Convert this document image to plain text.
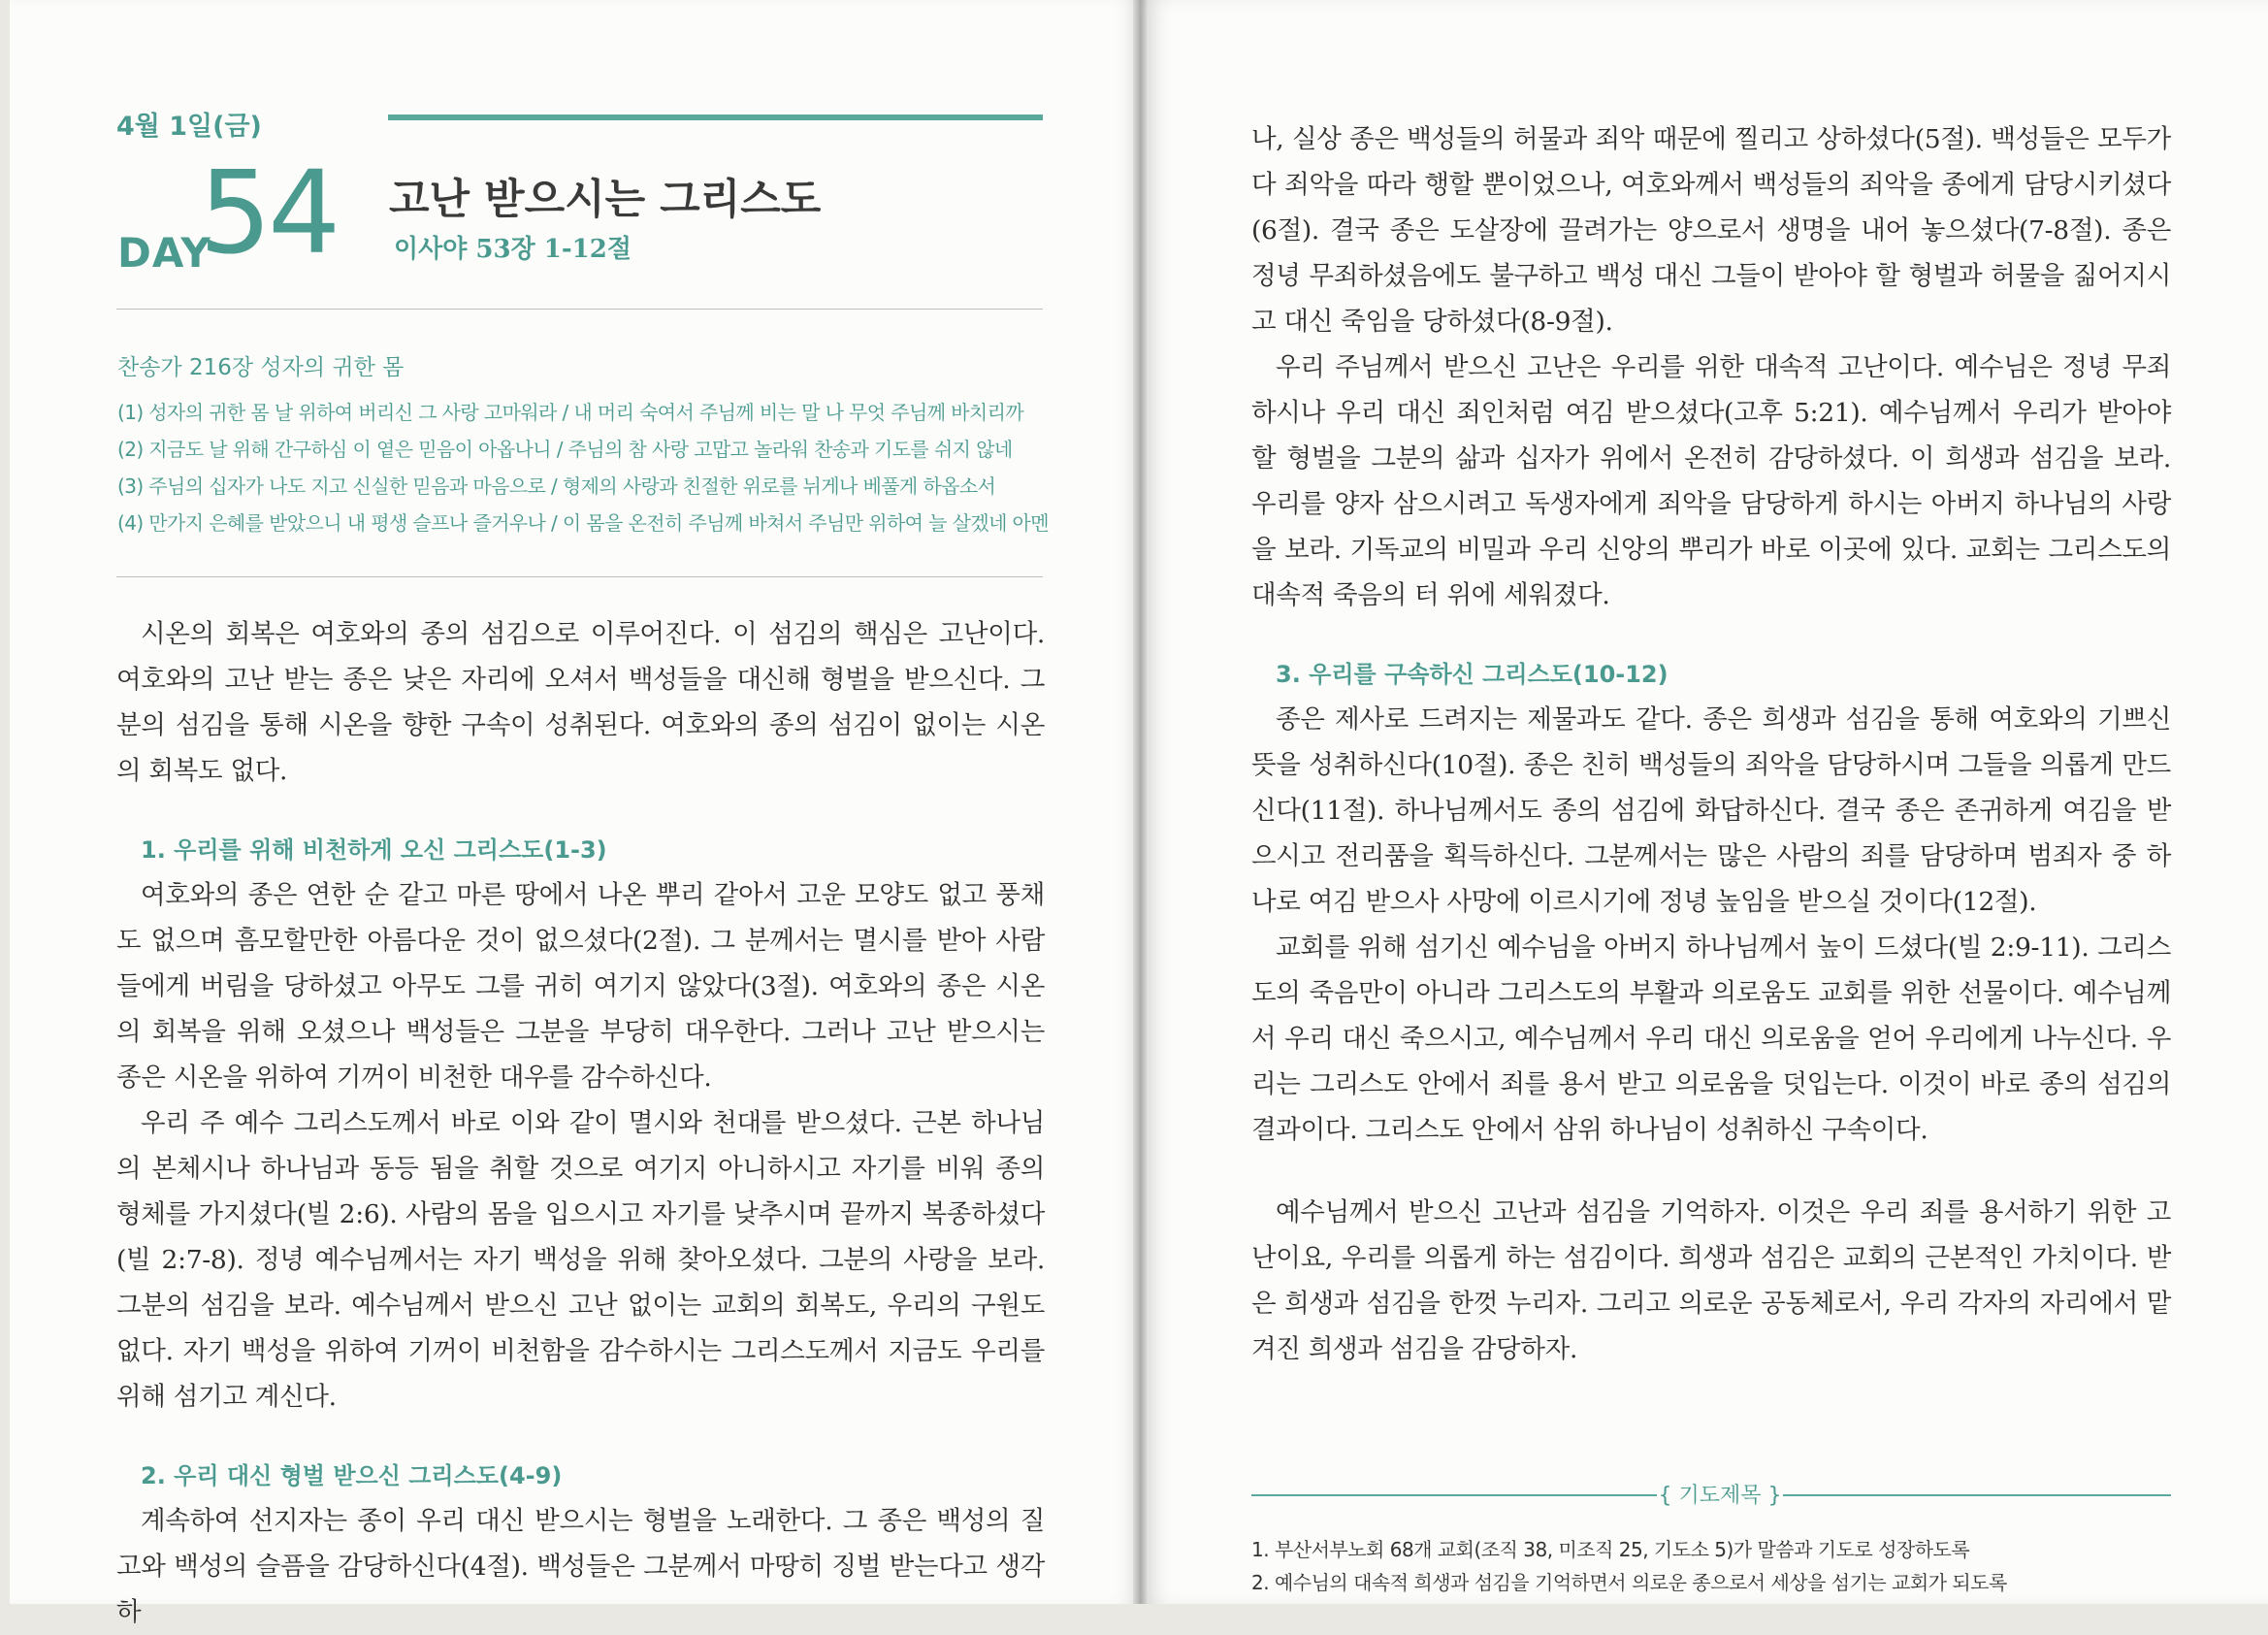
4월 1일(금)
DAY
54 고난 받으시는 그리스도
이사야 53장 1-12절
찬송가 216장 성자의 귀한 몸
(1) 성자의 귀한 몸 날 위하여 버리신 그 사랑 고마워라 / 내 머리 숙여서 주님께 비는 말 나 무엇 주님께 바치리까
(2) 지금도 날 위해 간구하심 이 옅은 믿음이 아옵나니 / 주님의 참 사랑 고맙고 놀라워 찬송과 기도를 쉬지 않네
(3) 주님의 십자가 나도 지고 신실한 믿음과 마음으로 / 형제의 사랑과 친절한 위로를 뉘게나 베풀게 하옵소서
(4) 만가지 은혜를 받았으니 내 평생 슬프나 즐거우나 / 이 몸을 온전히 주님께 바쳐서 주님만 위하여 늘 살겠네 아멘

시온의 회복은 여호와의 종의 섬김으로 이루어진다. 이 섬김의 핵심은 고난이다. 여호와의 고난 받는 종은 낮은 자리에 오셔서 백성들을 대신해 형벌을 받으신다. 그분의 섬김을 통해 시온을 향한 구속이 성취된다. 여호와의 종의 섬김이 없이는 시온의 회복도 없다.

1. 우리를 위해 비천하게 오신 그리스도(1-3)

여호와의 종은 연한 순 같고 마른 땅에서 나온 뿌리 같아서 고운 모양도 없고 풍채도 없으며 흠모할만한 아름다운 것이 없으셨다(2절). 그 분께서는 멸시를 받아 사람들에게 버림을 당하셨고 아무도 그를 귀히 여기지 않았다(3절). 여호와의 종은 시온의 회복을 위해 오셨으나 백성들은 그분을 부당히 대우한다. 그러나 고난 받으시는 종은 시온을 위하여 기꺼이 비천한 대우를 감수하신다.

우리 주 예수 그리스도께서 바로 이와 같이 멸시와 천대를 받으셨다. 근본 하나님의 본체시나 하나님과 동등 됨을 취할 것으로 여기지 아니하시고 자기를 비워 종의 형체를 가지셨다(빌 2:6). 사람의 몸을 입으시고 자기를 낮추시며 끝까지 복종하셨다(빌 2:7-8). 정녕 예수님께서는 자기 백성을 위해 찾아오셨다. 그분의 사랑을 보라. 그분의 섬김을 보라. 예수님께서 받으신 고난 없이는 교회의 회복도, 우리의 구원도 없다. 자기 백성을 위하여 기꺼이 비천함을 감수하시는 그리스도께서 지금도 우리를 위해 섬기고 계신다.

2. 우리 대신 형벌 받으신 그리스도(4-9)

계속하여 선지자는 종이 우리 대신 받으시는 형벌을 노래한다. 그 종은 백성의 질고와 백성의 슬픔을 감당하신다(4절). 백성들은 그분께서 마땅히 징벌 받는다고 생각하

나, 실상 종은 백성들의 허물과 죄악 때문에 찔리고 상하셨다(5절). 백성들은 모두가 다 죄악을 따라 행할 뿐이었으나, 여호와께서 백성들의 죄악을 종에게 담당시키셨다(6절). 결국 종은 도살장에 끌려가는 양으로서 생명을 내어 놓으셨다(7-8절). 종은 정녕 무죄하셨음에도 불구하고 백성 대신 그들이 받아야 할 형벌과 허물을 짊어지시고 대신 죽임을 당하셨다(8-9절).

우리 주님께서 받으신 고난은 우리를 위한 대속적 고난이다. 예수님은 정녕 무죄하시나 우리 대신 죄인처럼 여김 받으셨다(고후 5:21). 예수님께서 우리가 받아야 할 형벌을 그분의 삶과 십자가 위에서 온전히 감당하셨다. 이 희생과 섬김을 보라. 우리를 양자 삼으시려고 독생자에게 죄악을 담당하게 하시는 아버지 하나님의 사랑을 보라. 기독교의 비밀과 우리 신앙의 뿌리가 바로 이곳에 있다. 교회는 그리스도의 대속적 죽음의 터 위에 세워졌다.

3. 우리를 구속하신 그리스도(10-12)

종은 제사로 드려지는 제물과도 같다. 종은 희생과 섬김을 통해 여호와의 기쁘신 뜻을 성취하신다(10절). 종은 친히 백성들의 죄악을 담당하시며 그들을 의롭게 만드신다(11절). 하나님께서도 종의 섬김에 화답하신다. 결국 종은 존귀하게 여김을 받으시고 전리품을 획득하신다. 그분께서는 많은 사람의 죄를 담당하며 범죄자 중 하나로 여김 받으사 사망에 이르시기에 정녕 높임을 받으실 것이다(12절).

교회를 위해 섬기신 예수님을 아버지 하나님께서 높이 드셨다(빌 2:9-11). 그리스도의 죽음만이 아니라 그리스도의 부활과 의로움도 교회를 위한 선물이다. 예수님께서 우리 대신 죽으시고, 예수님께서 우리 대신 의로움을 얻어 우리에게 나누신다. 우리는 그리스도 안에서 죄를 용서 받고 의로움을 덧입는다. 이것이 바로 종의 섬김의 결과이다. 그리스도 안에서 삼위 하나님이 성취하신 구속이다.

예수님께서 받으신 고난과 섬김을 기억하자. 이것은 우리 죄를 용서하기 위한 고난이요, 우리를 의롭게 하는 섬김이다. 희생과 섬김은 교회의 근본적인 가치이다. 받은 희생과 섬김을 한껏 누리자. 그리고 의로운 공동체로서, 우리 각자의 자리에서 맡겨진 희생과 섬김을 감당하자.

{ 기도제목 }
1. 부산서부노회 68개 교회(조직 38, 미조직 25, 기도소 5)가 말씀과 기도로 성장하도록
2. 예수님의 대속적 희생과 섬김을 기억하면서 의로운 종으로서 세상을 섬기는 교회가 되도록
